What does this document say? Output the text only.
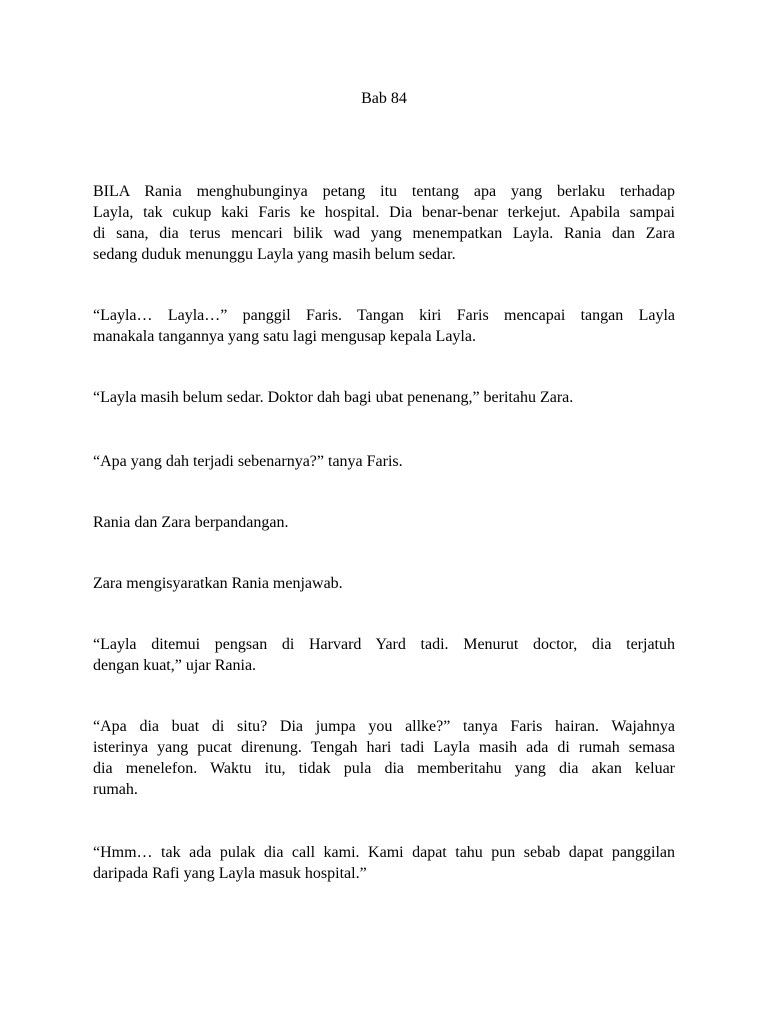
Bab 84

BILA Rania menghubunginya petang itu tentang apa yang berlaku terhadap
Layla, tak cukup kaki Faris ke hospital. Dia benar-benar terkejut. Apabila sampai
di sana, dia terus mencari bilik wad yang menempatkan Layla. Rania dan Zara
sedang duduk menunggu Layla yang masih belum sedar.

“Layla… Layla…” panggil Faris. Tangan kiri Faris mencapai tangan Layla
manakala tangannya yang satu lagi mengusap kepala Layla.

“Layla masih belum sedar. Doktor dah bagi ubat penenang,” beritahu Zara.

“Apa yang dah terjadi sebenarnya?” tanya Faris.

Rania dan Zara berpandangan.

Zara mengisyaratkan Rania menjawab.

“Layla ditemui pengsan di Harvard Yard tadi. Menurut doctor, dia terjatuh
dengan kuat,” ujar Rania.

“Apa dia buat di situ? Dia jumpa you allke?” tanya Faris hairan. Wajahnya
isterinya yang pucat direnung. Tengah hari tadi Layla masih ada di rumah semasa
dia menelefon. Waktu itu, tidak pula dia memberitahu yang dia akan keluar
rumah.

“Hmm… tak ada pulak dia call kami. Kami dapat tahu pun sebab dapat panggilan
daripada Rafi yang Layla masuk hospital.”
